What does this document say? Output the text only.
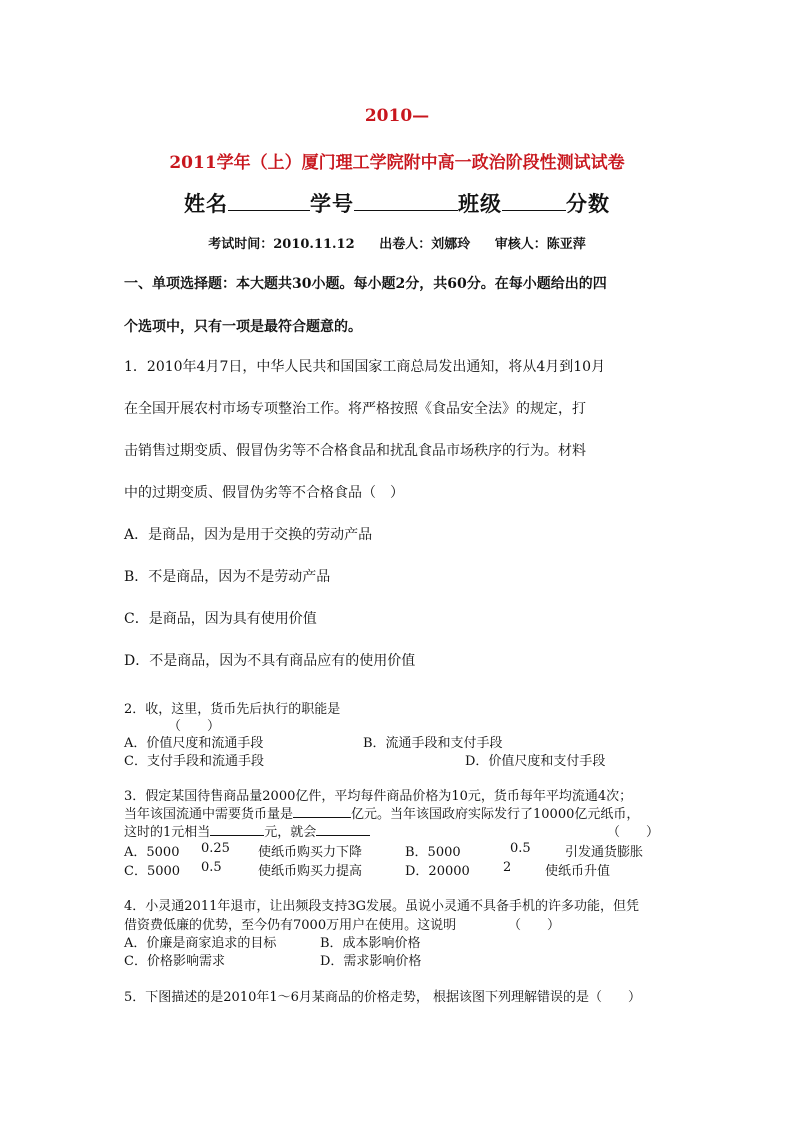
2010—
2011学年（上）厦门理工学院附中高一政治阶段性测试试卷
姓名	学号	班级	分数
考试时间：2010.11.12 出卷人：刘娜玲 审核人：陈亚萍
一、单项选择题：本大题共30小题。每小题2分，共60分。在每小题给出的四
个选项中，只有一项是最符合题意的。
1．2010年4月7日，中华人民共和国国家工商总局发出通知，将从4月到10月
在全国开展农村市场专项整治工作。将严格按照《食品安全法》的规定，打
击销售过期变质、假冒伪劣等不合格食品和扰乱食品市场秩序的行为。材料
中的过期变质、假冒伪劣等不合格食品（　）
A．是商品，因为是用于交换的劳动产品
B．不是商品，因为不是劳动产品
C．是商品，因为具有使用价值
D．不是商品，因为不具有商品应有的使用价值
2．收，这里，货币先后执行的职能是
（　　）
A．价值尺度和流通手段	B．流通手段和支付手段
C．支付手段和流通手段	D．价值尺度和支付手段
3．假定某国待售商品量2000亿件，平均每件商品价格为10元，货币每年平均流通4次；
当年该国流通中需要货币量是	亿元。当年该国政府实际发行了10000亿元纸币，
这时的1元相当	元，就会	（　　）
A．5000 0.25 使纸币购买力下降	B．5000	0.5	引发通货膨胀
C．5000 0.5	使纸币购买力提高	D．20000	2	使纸币升值
4．小灵通2011年退市，让出频段支持3G发展。虽说小灵通不具备手机的许多功能，但凭
借资费低廉的优势，至今仍有7000万用户在使用。这说明	（　　）
A．价廉是商家追求的目标	B．成本影响价格
C．价格影响需求	D．需求影响价格
5．下图描述的是2010年1～6月某商品的价格走势， 根据该图下列理解错误的是（　　）
